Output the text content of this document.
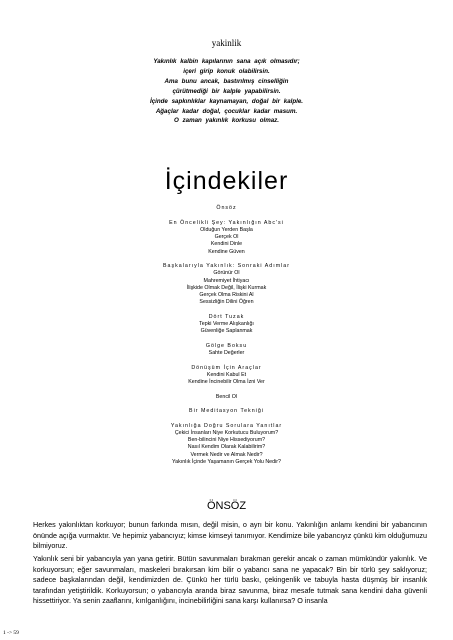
yakinlik
Yakınlık kalbin kapılarının sana açık olmasıdır;
içeri girip konuk olabilirsin.
Ama bunu ancak, bastırılmış cinselliğin
çürütmediği bir kalple yapabilirsin.
İçinde sapkınlıklar kaynamayan, doğal bir kalple.
Ağaçlar kadar doğal, çocuklar kadar masum.
O zaman yakınlık korkusu olmaz.
İçindekiler
Önsöz
En Öncelikli Şey: Yakınlığın Abc'si
Olduğun Yerden Başla
Gerçek Ol
Kendini Dinle
Kendine Güven
Başkalarıyla Yakınlık: Sonraki Adımlar
Görünür Ol
Mahremiyet İhtiyacı
İlişkide Olmak Değil, İlişki Kurmak
Gerçek Olma Riskini Al
Sessizliğin Dilini Öğren
Dört Tuzak
Tepki Verme Alışkanlığı
Güvenliğe Saplanmak
Gölge Boksu
Sahte Değerler
Dönüşüm İçin Araçlar
Kendini Kabul Et
Kendine İncinebilir Olma İzni Ver
Bencil Ol
Bir Meditasyon Tekniği
Yakınlığa Doğru Sorulara Yanıtlar
Çekici İnsanları Niye Korkutucu Buluyorum?
Ben-bilincini Niye Hissediyorum?
Nasıl Kendim Olarak Kalabilirim?
Vermek Nedir ve Almak Nedir?
Yakınlık İçinde Yaşamanın Gerçek Yolu Nedir?
ÖNSÖZ
Herkes yakınlıktan korkuyor; bunun farkında mısın, değil misin, o ayrı bir konu. Yakınlığın anlamı kendini bir yabancının önünde açığa vurmaktır. Ve hepimiz yabancıyız; kimse kimseyi tanımıyor. Kendimize bile yabancıyız çünkü kim olduğumuzu bilmiyoruz.
Yakınlık seni bir yabancıyla yan yana getirir. Bütün savunmaları bırakman gerekir ancak o zaman mümkündür yakınlık. Ve korkuyorsun; eğer savunmaları, maskeleri bırakırsan kim bilir o yabancı sana ne yapacak? Bin bir türlü şey saklıyoruz; sadece başkalarından değil, kendimizden de. Çünkü her türlü baskı, çekingenlik ve tabuyla hasta düşmüş bir insanlık tarafından yetiştirildik. Korkuyorsun; o yabancıyla aranda biraz savunma, biraz mesafe tutmak sana kendini daha güvenli hissettiriyor. Ya senin zaaflarını, kırılganlığını, incinebilirliğini sana karşı kullanırsa? O insanla
1 -> 59
